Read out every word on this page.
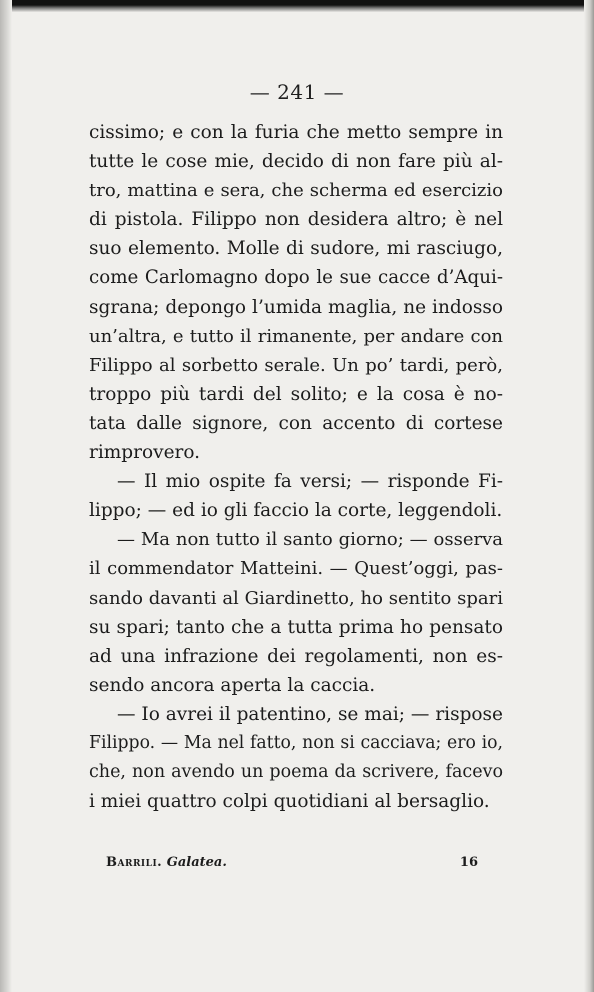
— 241 —
cissimo; e con la furia che metto sempre in
tutte le cose mie, decido di non fare più al-
tro, mattina e sera, che scherma ed esercizio
di pistola. Filippo non desidera altro; è nel
suo elemento. Molle di sudore, mi rasciugo,
come Carlomagno dopo le sue cacce d’Aqui-
sgrana; depongo l’umida maglia, ne indosso
un’altra, e tutto il rimanente, per andare con
Filippo al sorbetto serale. Un po’ tardi, però,
troppo più tardi del solito; e la cosa è no-
tata dalle signore, con accento di cortese
rimprovero.
— Il mio ospite fa versi; — risponde Fi-
lippo; — ed io gli faccio la corte, leggendoli.
— Ma non tutto il santo giorno; — osserva
il commendator Matteini. — Quest’oggi, pas-
sando davanti al Giardinetto, ho sentito spari
su spari; tanto che a tutta prima ho pensato
ad una infrazione dei regolamenti, non es-
sendo ancora aperta la caccia.
— Io avrei il patentino, se mai; — rispose
Filippo. — Ma nel fatto, non si cacciava; ero io,
che, non avendo un poema da scrivere, facevo
i miei quattro colpi quotidiani al bersaglio.
Barrili. Galatea.	16
